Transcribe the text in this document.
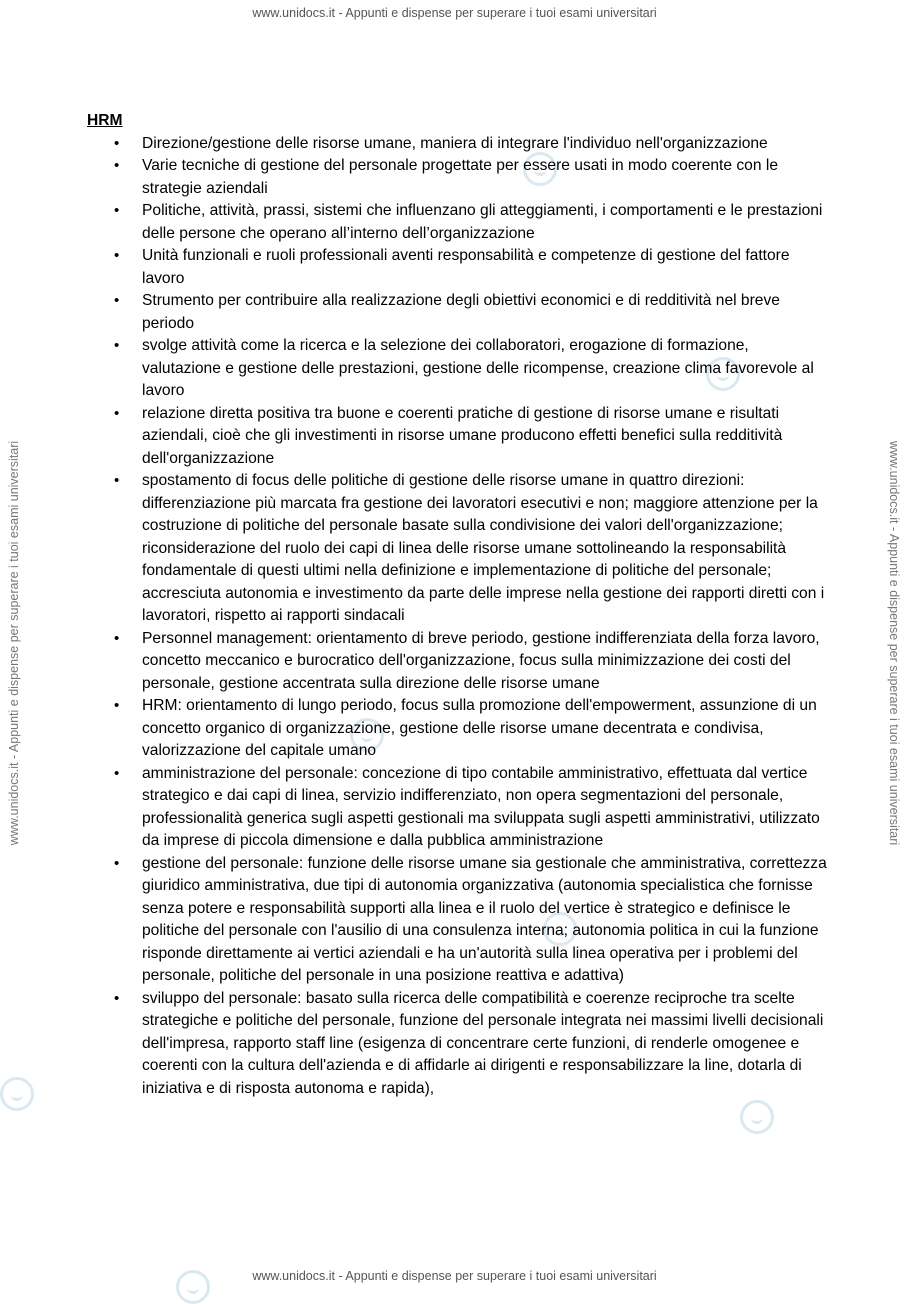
www.unidocs.it - Appunti e dispense per superare i tuoi esami universitari
www.unidocs.it - Appunti e dispense per superare i tuoi esami universitari
www.unidocs.it - Appunti e dispense per superare i tuoi esami universitari	www.unidocs.it - Appunti e dispense per superare i tuoi esami universitari
HRM
• Direzione/gestione delle risorse umane, maniera di integrare l'individuo nell'organizzazione
• Varie tecniche di gestione del personale progettate per essere usati in modo coerente con le strategie aziendali
• Politiche, attività, prassi, sistemi che influenzano gli atteggiamenti, i comportamenti e le prestazioni delle persone che operano all’interno dell’organizzazione
• Unità funzionali e ruoli professionali aventi responsabilità e competenze di gestione del fattore lavoro
• Strumento per contribuire alla realizzazione degli obiettivi economici e di redditività nel breve periodo
• svolge attività come la ricerca e la selezione dei collaboratori, erogazione di formazione, valutazione e gestione delle prestazioni, gestione delle ricompense, creazione clima favorevole al lavoro
• relazione diretta positiva tra buone e coerenti pratiche di gestione di risorse umane e risultati aziendali, cioè che gli investimenti in risorse umane producono effetti benefici sulla redditività dell'organizzazione
• spostamento di focus delle politiche di gestione delle risorse umane in quattro direzioni: differenziazione più marcata fra gestione dei lavoratori esecutivi e non; maggiore attenzione per la costruzione di politiche del personale basate sulla condivisione dei valori dell'organizzazione; riconsiderazione del ruolo dei capi di linea delle risorse umane sottolineando la responsabilità fondamentale di questi ultimi nella definizione e implementazione di politiche del personale; accresciuta autonomia e investimento da parte delle imprese nella gestione dei rapporti diretti con i lavoratori, rispetto ai rapporti sindacali
• Personnel management: orientamento di breve periodo, gestione indifferenziata della forza lavoro, concetto meccanico e burocratico dell'organizzazione, focus sulla minimizzazione dei costi del personale, gestione accentrata sulla direzione delle risorse umane
• HRM: orientamento di lungo periodo, focus sulla promozione dell'empowerment, assunzione di un concetto organico di organizzazione, gestione delle risorse umane decentrata e condivisa, valorizzazione del capitale umano
• amministrazione del personale: concezione di tipo contabile amministrativo, effettuata dal vertice strategico e dai capi di linea, servizio indifferenziato, non opera segmentazioni del personale, professionalità generica sugli aspetti gestionali ma sviluppata sugli aspetti amministrativi, utilizzato da imprese di piccola dimensione e dalla pubblica amministrazione
• gestione del personale: funzione delle risorse umane sia gestionale che amministrativa, correttezza giuridico amministrativa, due tipi di autonomia organizzativa (autonomia specialistica che fornisse senza potere e responsabilità supporti alla linea e il ruolo del vertice è strategico e definisce le politiche del personale con l'ausilio di una consulenza interna; autonomia politica in cui la funzione risponde direttamente ai vertici aziendali e ha un'autorità sulla linea operativa per i problemi del personale, politiche del personale in una posizione reattiva e adattiva)
• sviluppo del personale: basato sulla ricerca delle compatibilità e coerenze reciproche tra scelte strategiche e politiche del personale, funzione del personale integrata nei massimi livelli decisionali dell'impresa, rapporto staff line (esigenza di concentrare certe funzioni, di renderle omogenee e coerenti con la cultura dell'azienda e di affidarle ai dirigenti e responsabilizzare la line, dotarla di iniziativa e di risposta autonoma e rapida),
